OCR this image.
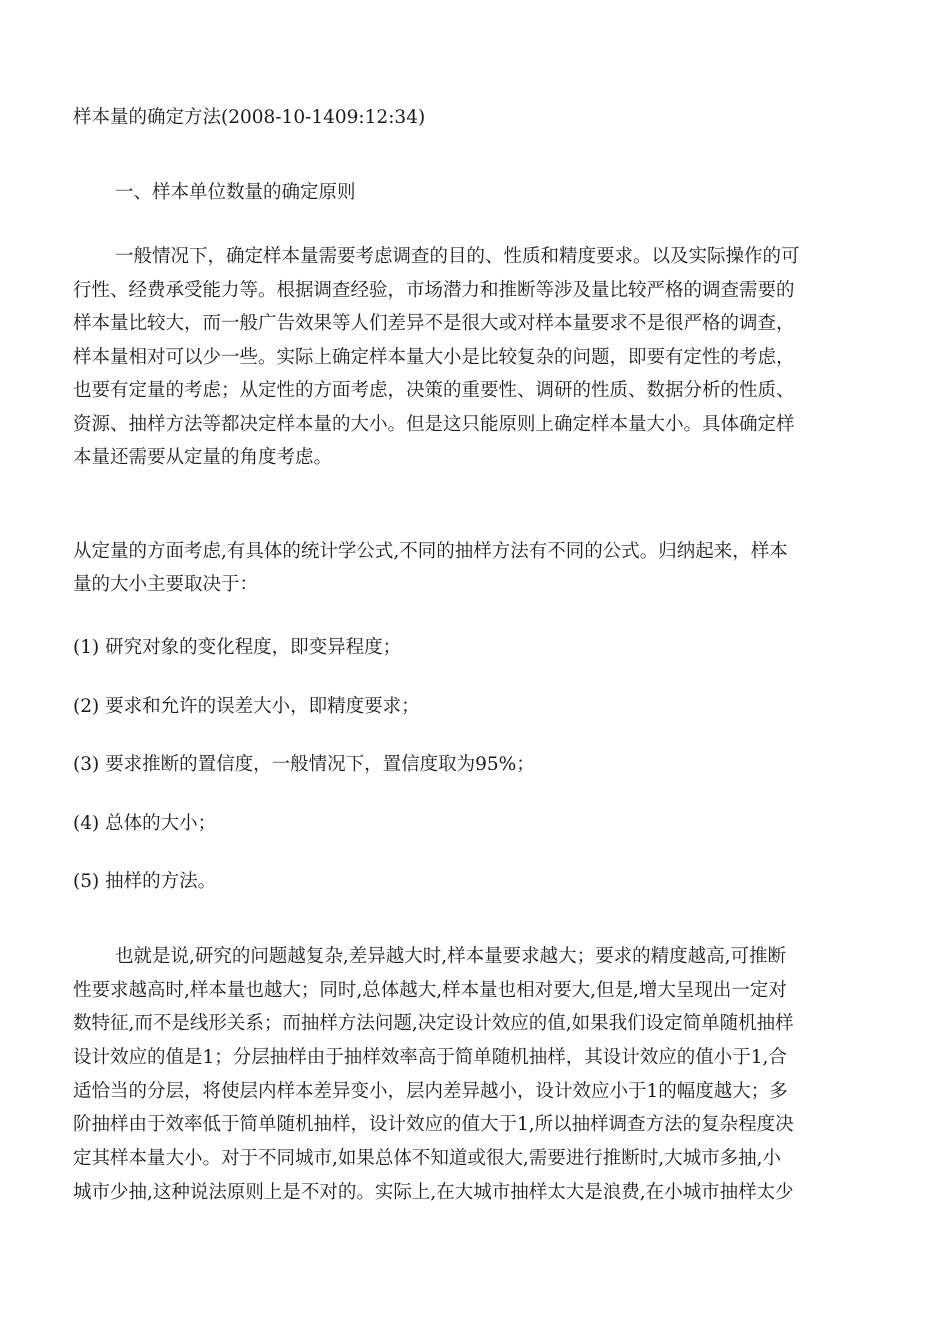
样本量的确定方法(2008-10-1409:12:34)

一、样本单位数量的确定原则

一般情况下，确定样本量需要考虑调查的目的、性质和精度要求。以及实际操作的可

行性、经费承受能力等。根据调查经验，市场潜力和推断等涉及量比较严格的调查需要的

样本量比较大，而一般广告效果等人们差异不是很大或对样本量要求不是很严格的调查，

样本量相对可以少一些。实际上确定样本量大小是比较复杂的问题，即要有定性的考虑，

也要有定量的考虑；从定性的方面考虑，决策的重要性、调研的性质、数据分析的性质、

资源、抽样方法等都决定样本量的大小。但是这只能原则上确定样本量大小。具体确定样

本量还需要从定量的角度考虑。

从定量的方面考虑,有具体的统计学公式,不同的抽样方法有不同的公式。归纳起来，样本

量的大小主要取决于：

(1) 研究对象的变化程度，即变异程度；

(2) 要求和允许的误差大小，即精度要求；

(3) 要求推断的置信度，一般情况下，置信度取为95%；

(4) 总体的大小；

(5) 抽样的方法。

也就是说,研究的问题越复杂,差异越大时,样本量要求越大；要求的精度越高,可推断

性要求越高时,样本量也越大；同时,总体越大,样本量也相对要大,但是,增大呈现出一定对

数特征,而不是线形关系；而抽样方法问题,决定设计效应的值,如果我们设定简单随机抽样

设计效应的值是1；分层抽样由于抽样效率高于简单随机抽样，其设计效应的值小于1,合

适恰当的分层，将使层内样本差异变小，层内差异越小，设计效应小于1的幅度越大；多

阶抽样由于效率低于简单随机抽样，设计效应的值大于1,所以抽样调查方法的复杂程度决

定其样本量大小。对于不同城市,如果总体不知道或很大,需要进行推断时,大城市多抽,小

城市少抽,这种说法原则上是不对的。实际上,在大城市抽样太大是浪费,在小城市抽样太少
